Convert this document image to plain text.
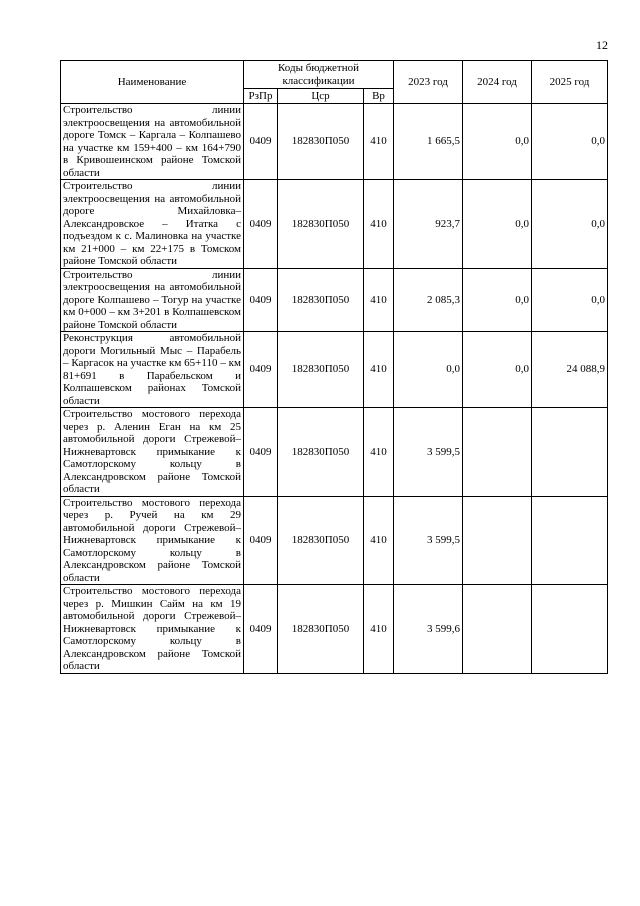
12
Наименование	Коды бюджетной классификации			2023 год	2024 год	2025 год
	РзПр	Цср	Вр			
Строительство линии электроосвещения на автомобильной дороге Томск – Каргала – Колпашево на участке км 159+400 – км 164+790 в Кривошеинском районе Томской области	0409	182830П050	410	1 665,5	0,0	0,0
Строительство линии электроосвещения на автомобильной дороге Михайловка– Александровское – Итатка с подъездом к с. Малиновка на участке км 21+000 – км 22+175 в Томском районе Томской области	0409	182830П050	410	923,7	0,0	0,0
Строительство линии электроосвещения на автомобильной дороге Колпашево – Тогур на участке км 0+000 – км 3+201 в Колпашевском районе Томской области	0409	182830П050	410	2 085,3	0,0	0,0
Реконструкция автомобильной дороги Могильный Мыс – Парабель – Каргасок на участке км 65+110 – км 81+691 в Парабельском и Колпашевском районах Томской области	0409	182830П050	410	0,0	0,0	24 088,9
Строительство мостового перехода через р. Аленин Еган на км 25 автомобильной дороги Стрежевой–Нижневартовск примыкание к Самотлорскому кольцу в Александровском районе Томской области	0409	182830П050	410	3 599,5		
Строительство мостового перехода через р. Ручей на км 29 автомобильной дороги Стрежевой–Нижневартовск примыкание к Самотлорскому кольцу в Александровском районе Томской области	0409	182830П050	410	3 599,5		
Строительство мостового перехода через р. Мишкин Сайм на км 19 автомобильной дороги Стрежевой–Нижневартовск примыкание к Самотлорскому кольцу в Александровском районе Томской области	0409	182830П050	410	3 599,6		
